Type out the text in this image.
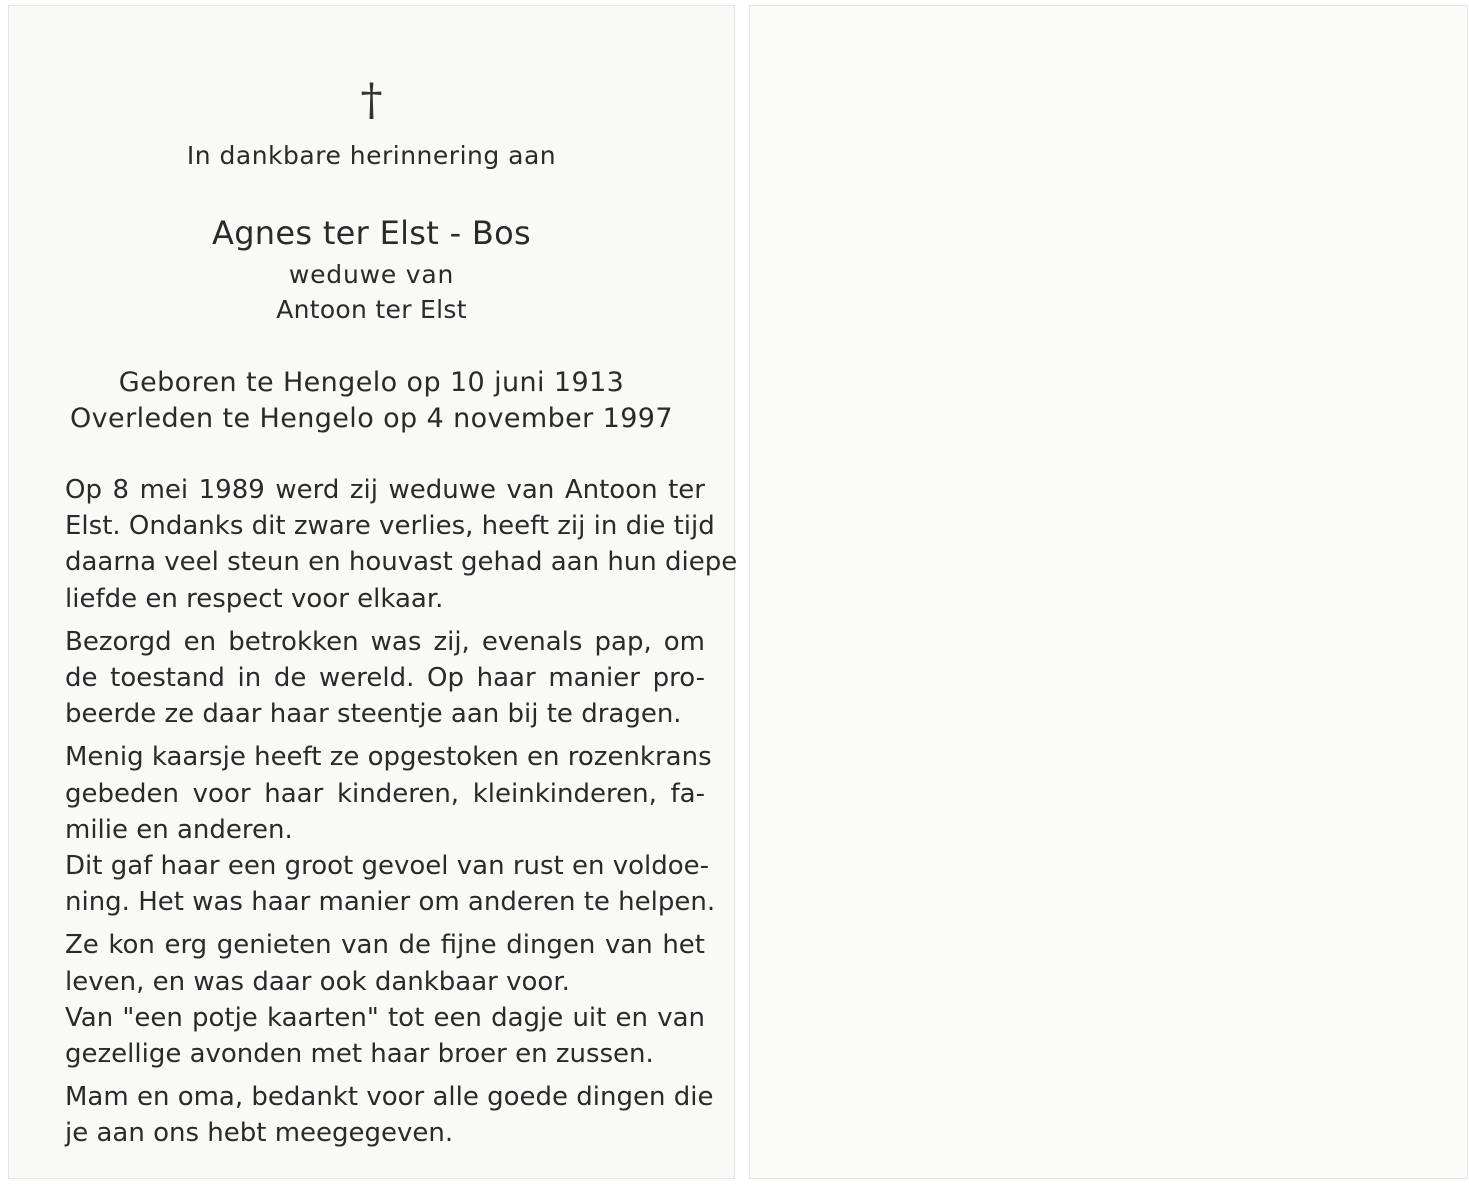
†
In dankbare herinnering aan
Agnes ter Elst - Bos
weduwe van
Antoon ter Elst
Geboren te Hengelo op 10 juni 1913
Overleden te Hengelo op 4 november 1997
Op 8 mei 1989 werd zij weduwe van Antoon ter
Elst. Ondanks dit zware verlies, heeft zij in die tijd
daarna veel steun en houvast gehad aan hun diepe
liefde en respect voor elkaar.
Bezorgd en betrokken was zij, evenals pap, om
de toestand in de wereld. Op haar manier pro-
beerde ze daar haar steentje aan bij te dragen.
Menig kaarsje heeft ze opgestoken en rozenkrans
gebeden voor haar kinderen, kleinkinderen, fa-
milie en anderen.
Dit gaf haar een groot gevoel van rust en voldoe-
ning. Het was haar manier om anderen te helpen.
Ze kon erg genieten van de fijne dingen van het
leven, en was daar ook dankbaar voor.
Van "een potje kaarten" tot een dagje uit en van
gezellige avonden met haar broer en zussen.
Mam en oma, bedankt voor alle goede dingen die
je aan ons hebt meegegeven.
